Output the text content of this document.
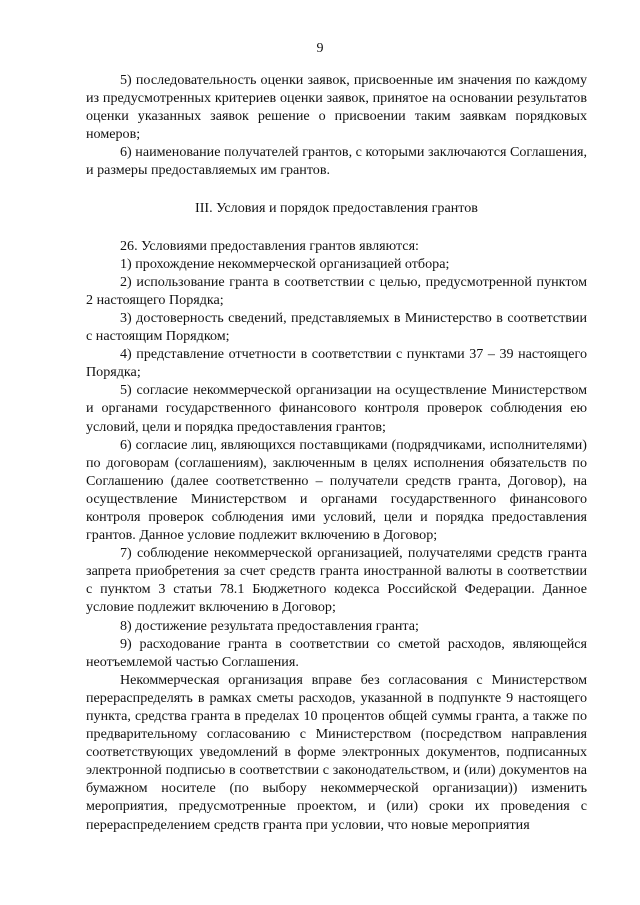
9

5) последовательность оценки заявок, присвоенные им значения по каждому из предусмотренных критериев оценки заявок, принятое на основании результатов оценки указанных заявок решение о присвоении таким заявкам порядковых номеров;

6) наименование получателей грантов, с которыми заключаются Соглашения, и размеры предоставляемых им грантов.

III. Условия и порядок предоставления грантов

26. Условиями предоставления грантов являются:

1) прохождение некоммерческой организацией отбора;

2) использование гранта в соответствии с целью, предусмотренной пунктом 2 настоящего Порядка;

3) достоверность сведений, представляемых в Министерство в соответствии с настоящим Порядком;

4) представление отчетности в соответствии с пунктами 37 – 39 настоящего Порядка;

5) согласие некоммерческой организации на осуществление Министерством и органами государственного финансового контроля проверок соблюдения ею условий, цели и порядка предоставления грантов;

6) согласие лиц, являющихся поставщиками (подрядчиками, исполнителями) по договорам (соглашениям), заключенным в целях исполнения обязательств по Соглашению (далее соответственно – получатели средств гранта, Договор), на осуществление Министерством и органами государственного финансового контроля проверок соблюдения ими условий, цели и порядка предоставления грантов. Данное условие подлежит включению в Договор;

7) соблюдение некоммерческой организацией, получателями средств гранта запрета приобретения за счет средств гранта иностранной валюты в соответствии с пунктом 3 статьи 78.1 Бюджетного кодекса Российской Федерации. Данное условие подлежит включению в Договор;

8) достижение результата предоставления гранта;

9) расходование гранта в соответствии со сметой расходов, являющейся неотъемлемой частью Соглашения.

Некоммерческая организация вправе без согласования с Министерством перераспределять в рамках сметы расходов, указанной в подпункте 9 настоящего пункта, средства гранта в пределах 10 процентов общей суммы гранта, а также по предварительному согласованию с Министерством (посредством направления соответствующих уведомлений в форме электронных документов, подписанных электронной подписью в соответствии с законодательством, и (или) документов на бумажном носителе (по выбору некоммерческой организации)) изменить мероприятия, предусмотренные проектом, и (или) сроки их проведения с перераспределением средств гранта при условии, что новые мероприятия
